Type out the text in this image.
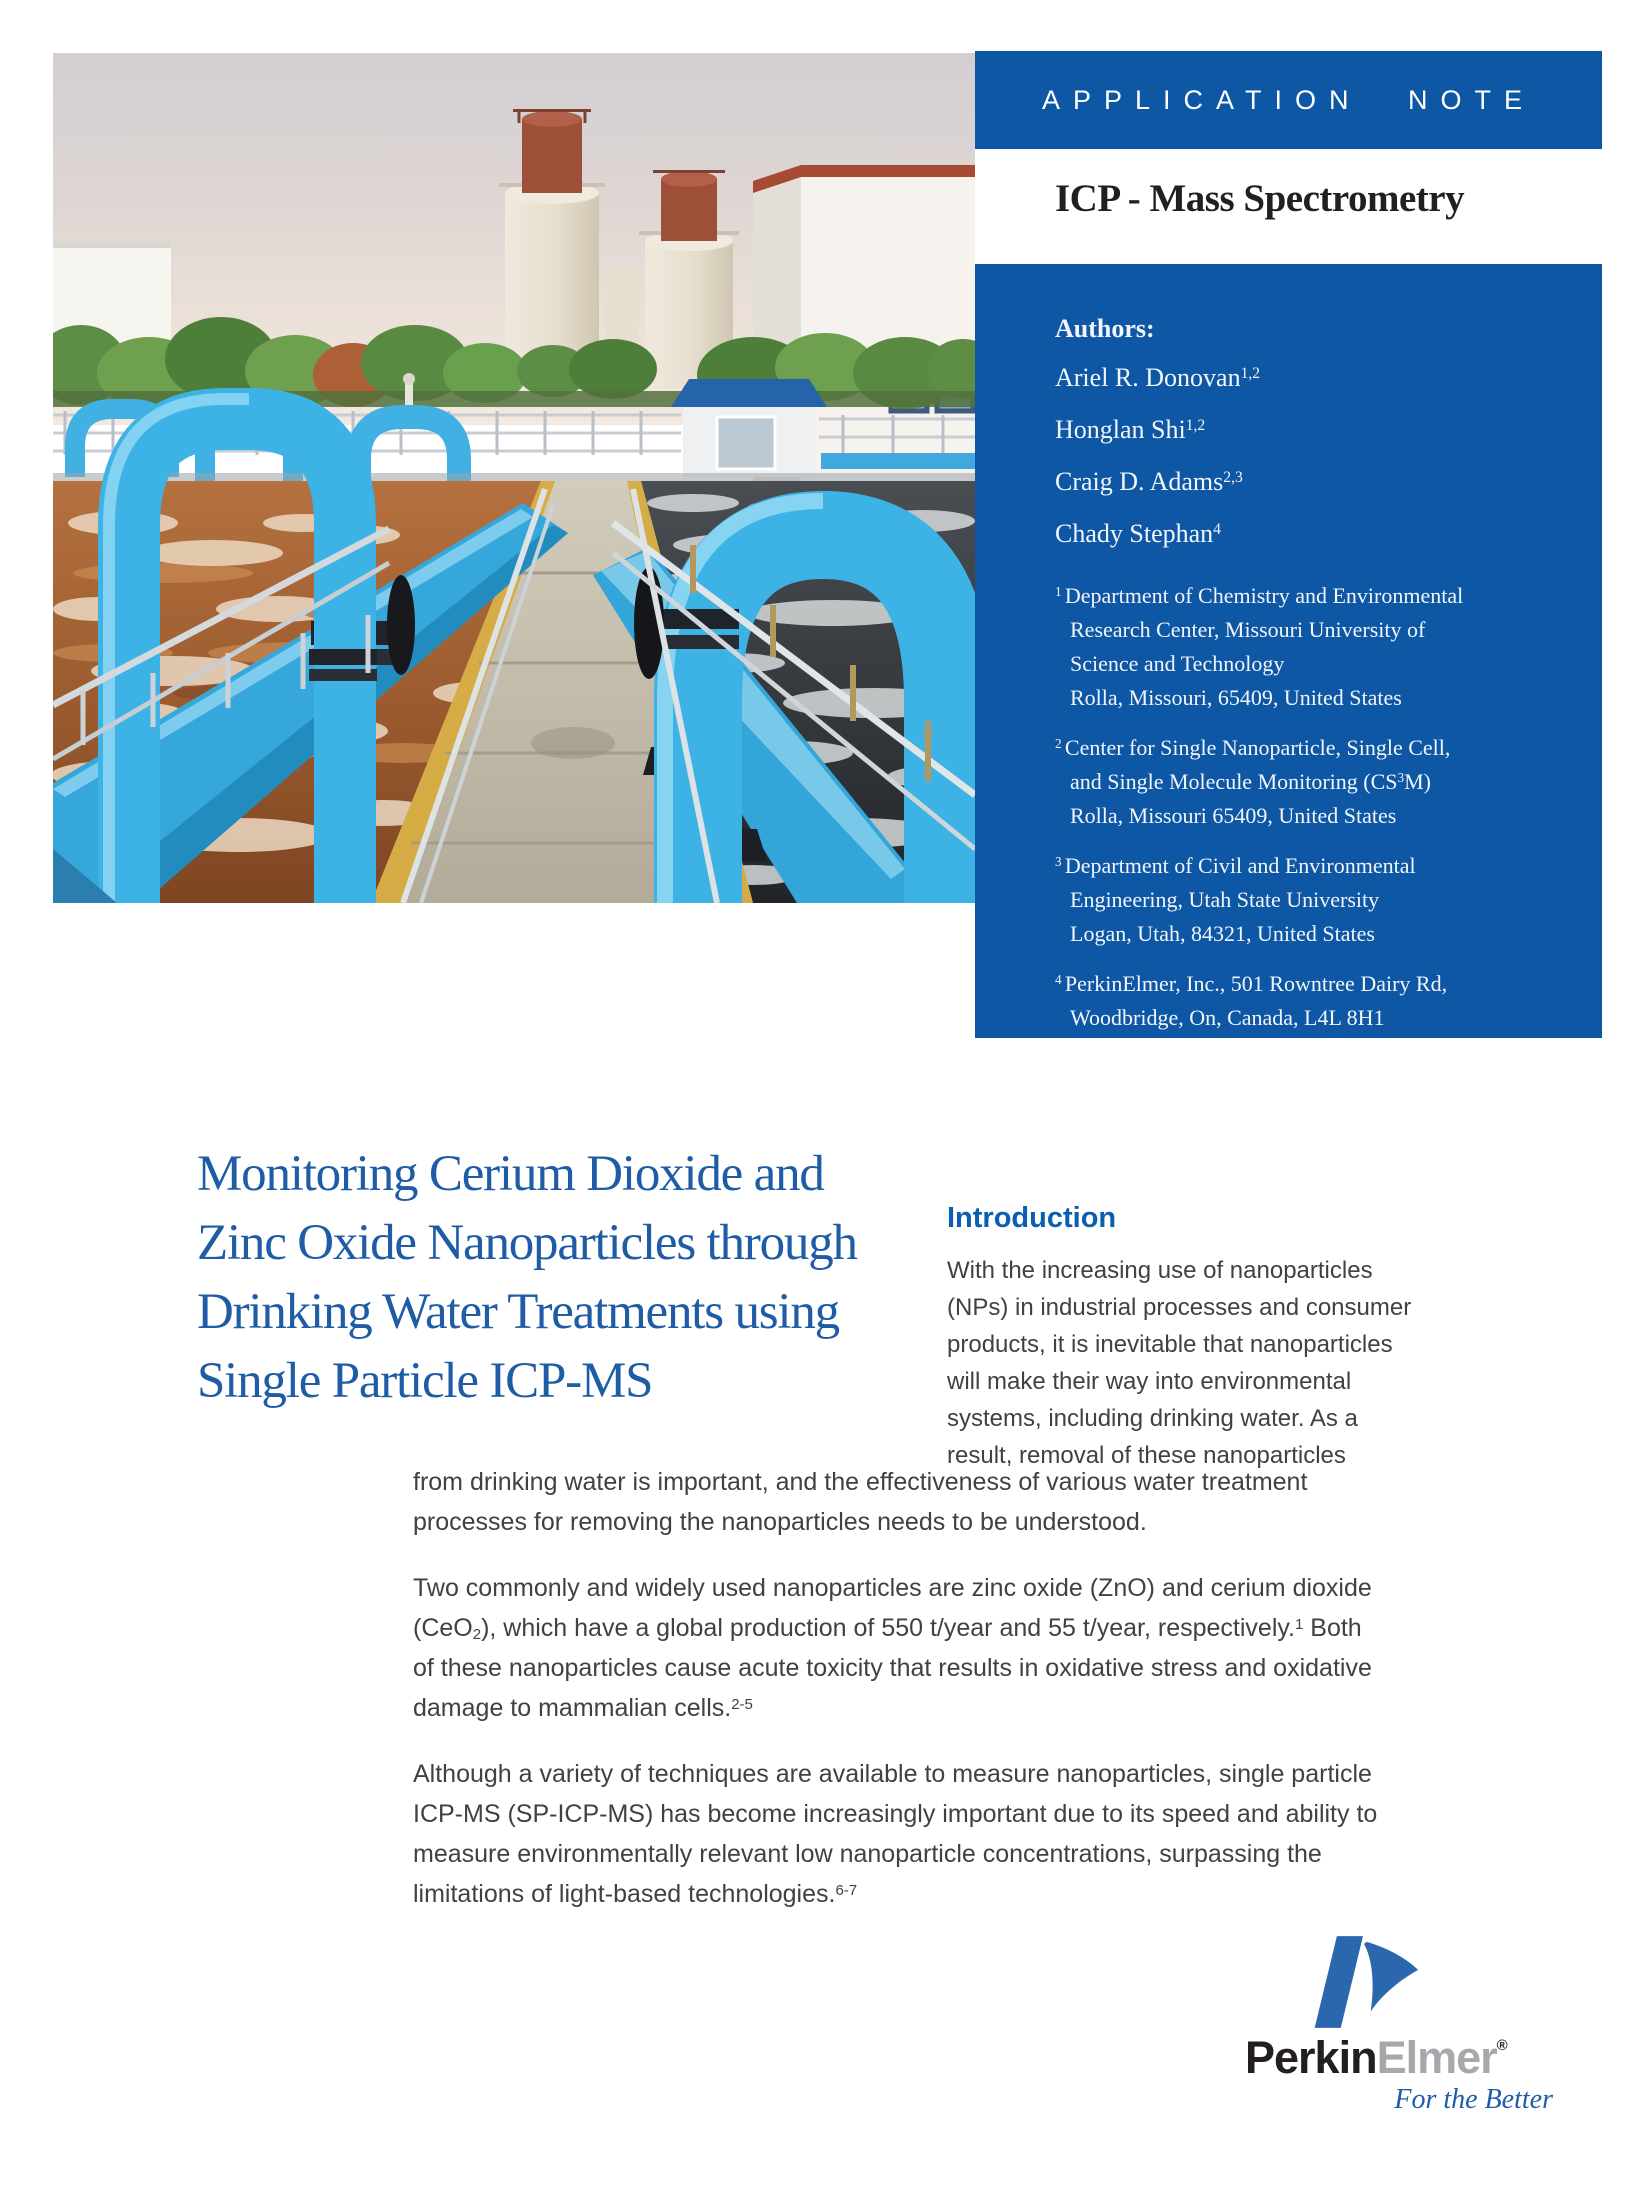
APPLICATION NOTE
ICP - Mass Spectrometry
Authors:
Ariel R. Donovan$^{1,2}$
Honglan Shi$^{1,2}$
Craig D. Adams$^{2,3}$
Chady Stephan$^4$
$^1$ Department of Chemistry and Environmental
Research Center, Missouri University of
Science and Technology
Rolla, Missouri, 65409, United States
$^2$ Center for Single Nanoparticle, Single Cell,
and Single Molecule Monitoring $(CS^3M)$
Rolla, Missouri 65409, United States
$^3$ Department of Civil and Environmental
Engineering, Utah State University
Logan, Utah, 84321, United States
$^4$ PerkinElmer, Inc., 501 Rowntree Dairy Rd,
Woodbridge, On, Canada, L4L 8H1
Monitoring Cerium Dioxide and
Zinc Oxide Nanoparticles through
Drinking Water Treatments using
Single Particle ICP-MS
Introduction
With the increasing use of nanoparticles
(NPs) in industrial processes and consumer
products, it is inevitable that nanoparticles
will make their way into environmental
systems, including drinking water. As a
result, removal of these nanoparticles
from drinking water is important, and the effectiveness of various water treatment
processes for removing the nanoparticles needs to be understood.
Two commonly and widely used nanoparticles are zinc oxide (ZnO) and cerium dioxide
(CeO$_2$), which have a global production of 550 t/year and 55 t/year, respectively.$^1$ Both
of these nanoparticles cause acute toxicity that results in oxidative stress and oxidative
damage to mammalian cells.$^{2-5}$
Although a variety of techniques are available to measure nanoparticles, single particle
ICP-MS (SP-ICP-MS) has become increasingly important due to its speed and ability to
measure environmentally relevant low nanoparticle concentrations, surpassing the
limitations of light-based technologies.$^{6-7}$
PerkinElmer®
For the Better
